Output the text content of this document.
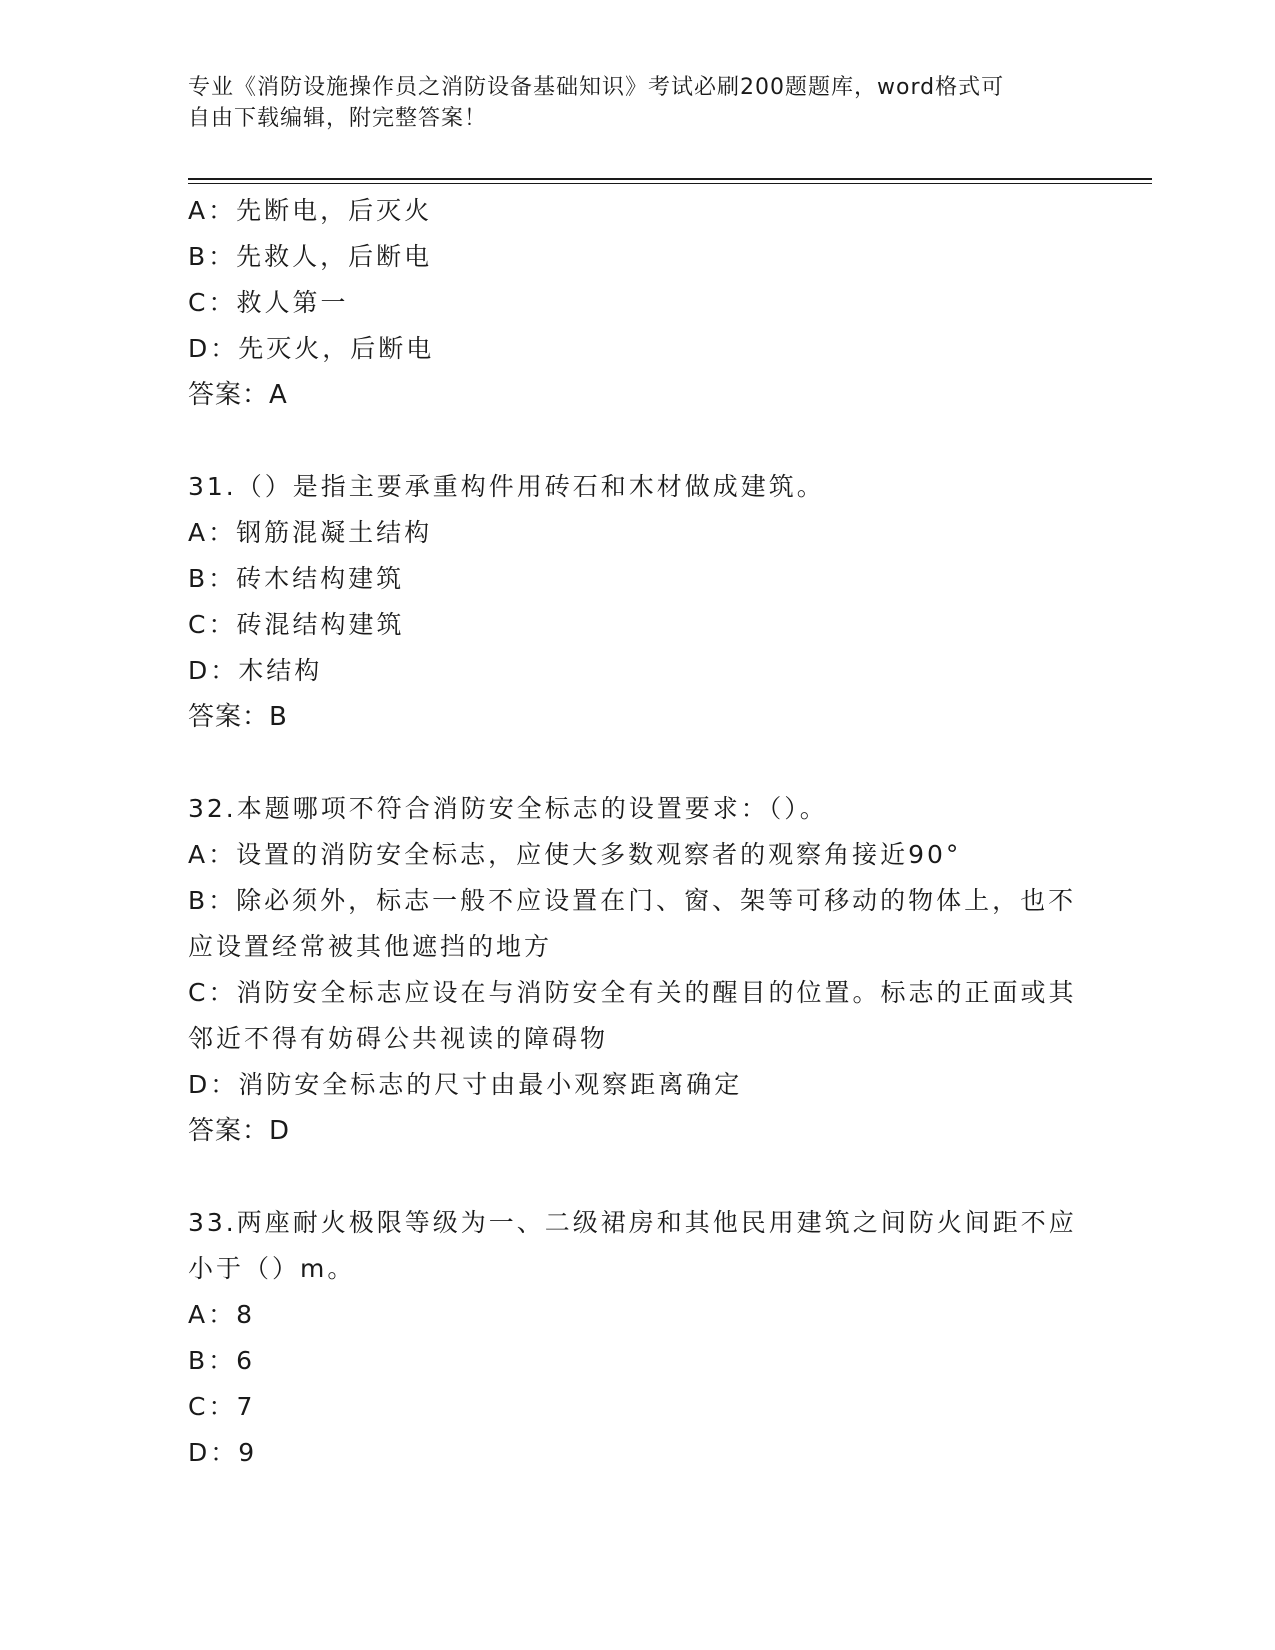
专业《消防设施操作员之消防设备基础知识》考试必刷200题题库，word格式可
自由下载编辑，附完整答案！
A：先断电，后灭火
B：先救人，后断电
C：救人第一
D：先灭火，后断电
答案：A
31.（）是指主要承重构件用砖石和木材做成建筑。
A：钢筋混凝土结构
B：砖木结构建筑
C：砖混结构建筑
D：木结构
答案：B
32.本题哪项不符合消防安全标志的设置要求：（）。
A：设置的消防安全标志，应使大多数观察者的观察角接近90°
B：除必须外，标志一般不应设置在门、窗、架等可移动的物体上，也不应设置经常被其他遮挡的地方
C：消防安全标志应设在与消防安全有关的醒目的位置。标志的正面或其邻近不得有妨碍公共视读的障碍物
D：消防安全标志的尺寸由最小观察距离确定
答案：D
33.两座耐火极限等级为一、二级裙房和其他民用建筑之间防火间距不应小于（）m。
A：8
B：6
C：7
D：9
